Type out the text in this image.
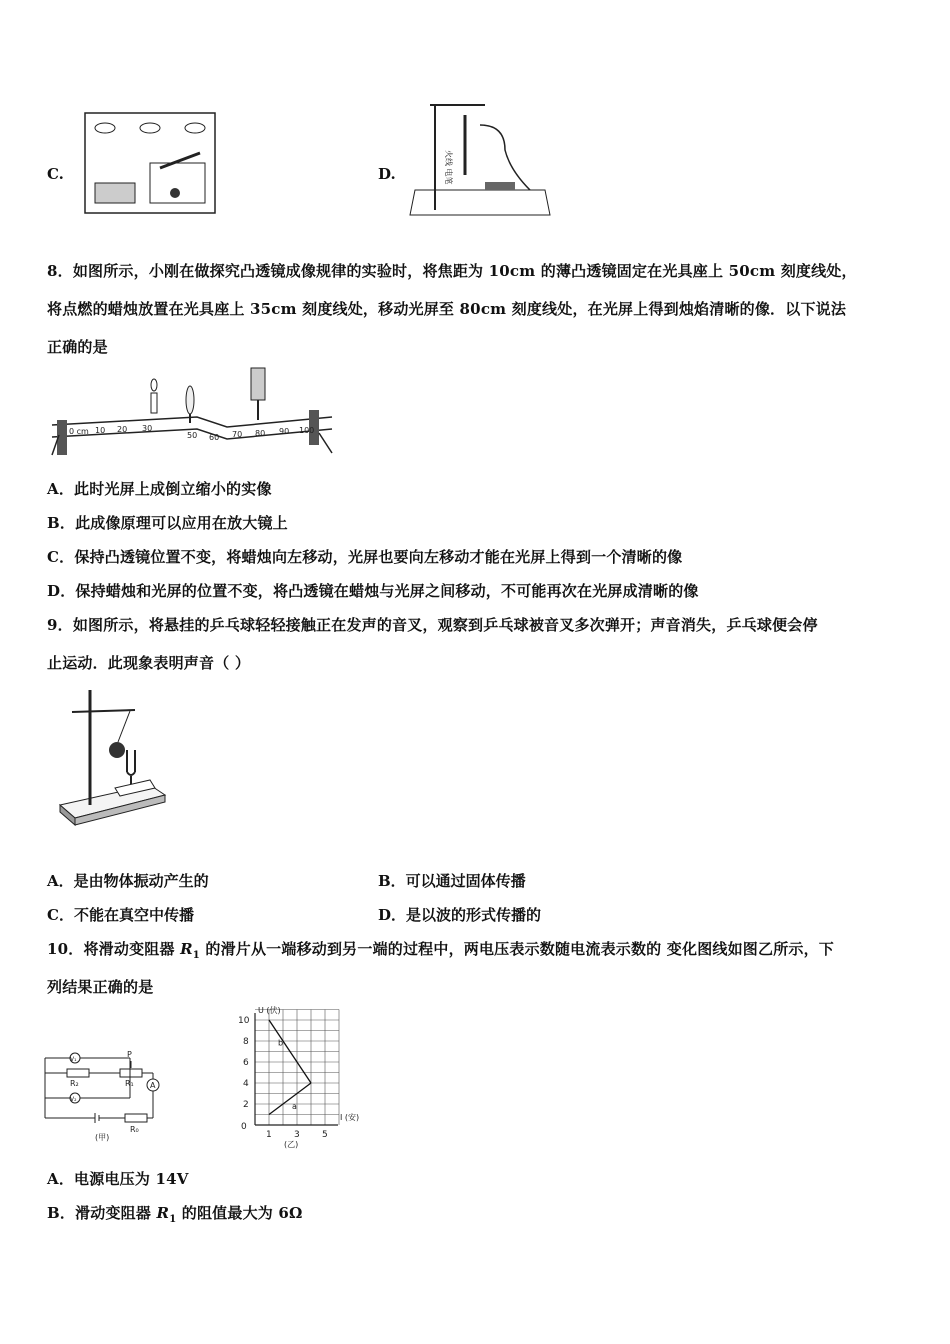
C.	D.	火线 电笔
8．如图所示，小刚在做探究凸透镜成像规律的实验时，将焦距为 10cm 的薄凸透镜固定在光具座上 50cm 刻度线处，
将点燃的蜡烛放置在光具座上 35cm 刻度线处，移动光屏至 80cm 刻度线处，在光屏上得到烛焰清晰的像．以下说法
正确的是
0 cm 10 20 30
50 60 70 80 90 100
A．此时光屏上成倒立缩小的实像
B．此成像原理可以应用在放大镜上
C．保持凸透镜位置不变，将蜡烛向左移动，光屏也要向左移动才能在光屏上得到一个清晰的像
D．保持蜡烛和光屏的位置不变，将凸透镜在蜡烛与光屏之间移动，不可能再次在光屏成清晰的像
9．如图所示，将悬挂的乒乓球轻轻接触正在发声的音叉，观察到乒乓球被音叉多次弹开；声音消失，乒乓球便会停
止运动．此现象表明声音（ ）
A．是由物体振动产生的	B．可以通过固体传播
C．不能在真空中传播	D．是以波的形式传播的
10．将滑动变阻器 $R_1$ 的滑片从一端移动到另一端的过程中，两电压表示数随电流表示数的 变化图线如图乙所示，下
列结果正确的是
V₁
V₂
A
P
R₂	R₁
R₀
(甲)
U (伏)
I (安)
0
10
8
6
4
2
1 3 5
b
a
(乙)
A．电源电压为 14V
B．滑动变阻器 $R_1$ 的阻值最大为 6Ω
